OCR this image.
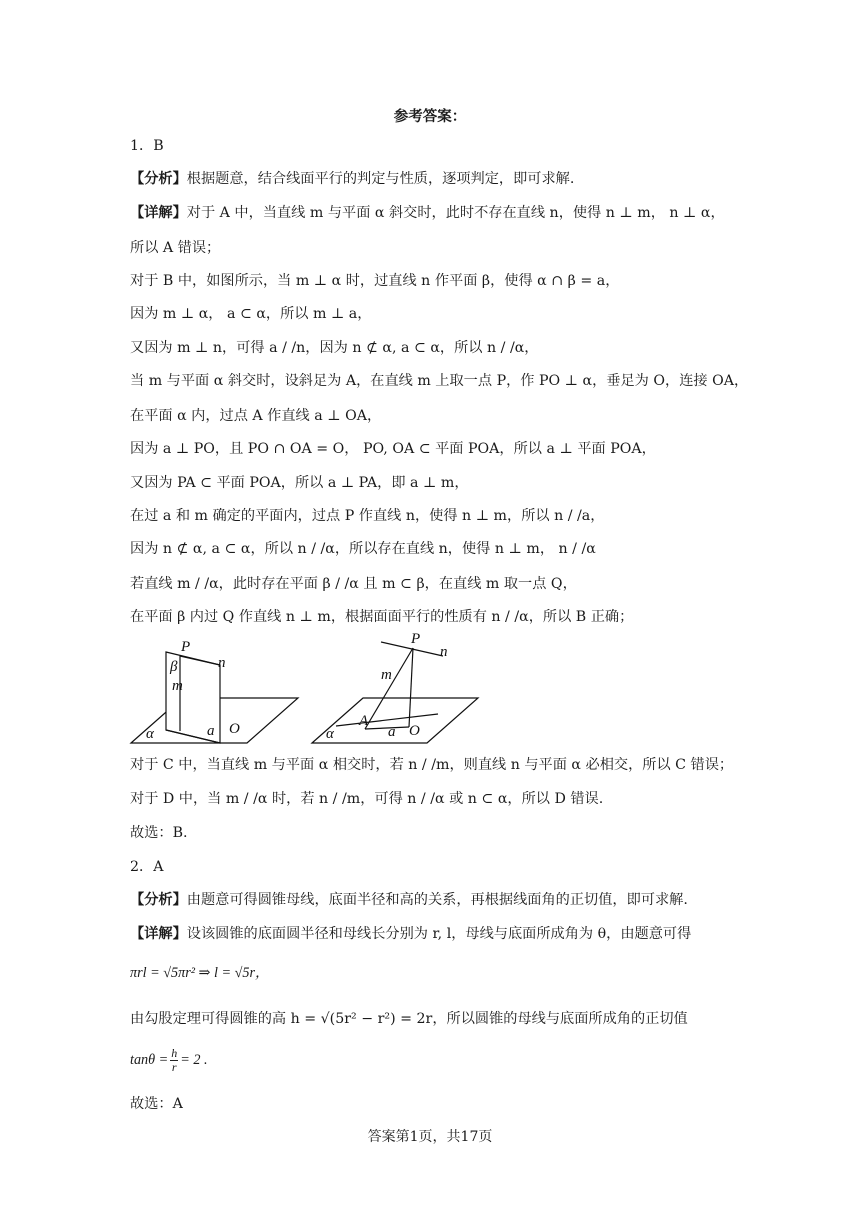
参考答案：
1．B
【分析】根据题意，结合线面平行的判定与性质，逐项判定，即可求解.
【详解】对于 A 中，当直线 m 与平面 α 斜交时，此时不存在直线 n，使得 n ⊥ m， n ⊥ α，
所以 A 错误；
对于 B 中，如图所示，当 m ⊥ α 时，过直线 n 作平面 β，使得 α ∩ β = a，
因为 m ⊥ α， a ⊂ α，所以 m ⊥ a，
又因为 m ⊥ n，可得 a / /n，因为 n ⊄ α, a ⊂ α，所以 n / /α，
当 m 与平面 α 斜交时，设斜足为 A，在直线 m 上取一点 P，作 PO ⊥ α，垂足为 O，连接 OA，
在平面 α 内，过点 A 作直线 a ⊥ OA，
因为 a ⊥ PO，且 PO ∩ OA = O， PO, OA ⊂ 平面 POA，所以 a ⊥ 平面 POA，
又因为 PA ⊂ 平面 POA，所以 a ⊥ PA，即 a ⊥ m，
在过 a 和 m 确定的平面内，过点 P 作直线 n，使得 n ⊥ m，所以 n / /a，
因为 n ⊄ α, a ⊂ α，所以 n / /α，所以存在直线 n，使得 n ⊥ m， n / /α
若直线 m / /α，此时存在平面 β / /α 且 m ⊂ β，在直线 m 取一点 Q，
在平面 β 内过 Q 作直线 n ⊥ m，根据面面平行的性质有 n / /α，所以 B 正确；
P
β	n
m
α	a O
P
n
m
A
α	a O
对于 C 中，当直线 m 与平面 α 相交时，若 n / /m，则直线 n 与平面 α 必相交，所以 C 错误；
对于 D 中，当 m / /α 时，若 n / /m，可得 n / /α 或 n ⊂ α，所以 D 错误.
故选：B.
2．A
【分析】由题意可得圆锥母线，底面半径和高的关系，再根据线面角的正切值，即可求解.
【详解】设该圆锥的底面圆半径和母线长分别为 r, l，母线与底面所成角为 θ，由题意可得
πrl = √5πr² ⇒ l = √5r，
由勾股定理可得圆锥的高 h = √(5r² − r²) = 2r，所以圆锥的母线与底面所成角的正切值
$\tan\theta = \frac{h}{r} = 2$ .
故选：A
答案第1页，共17页
